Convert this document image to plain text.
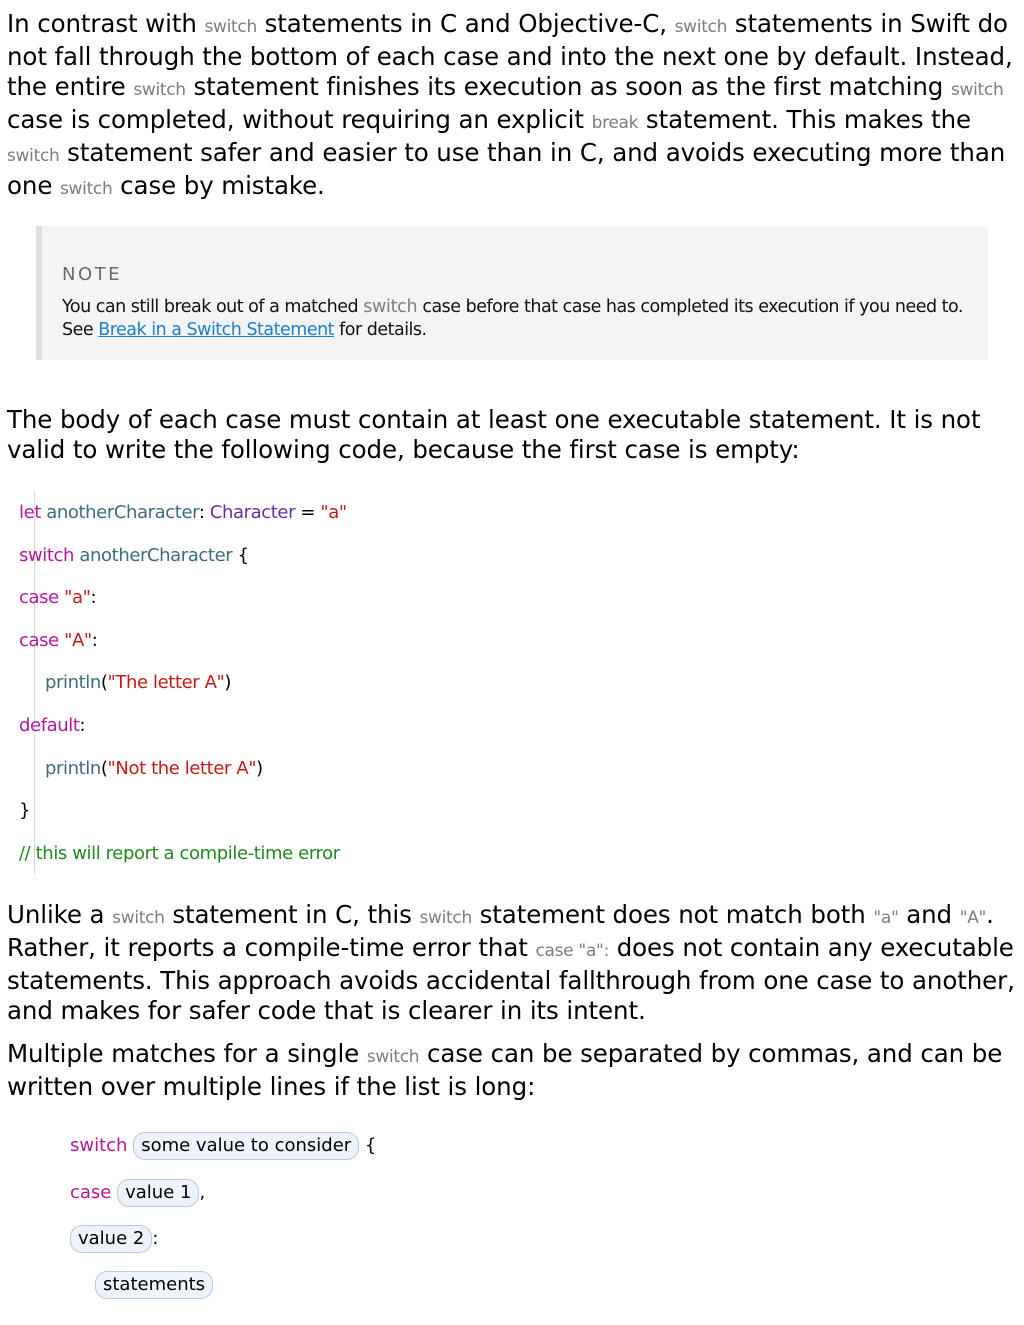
In contrast with switch statements in C and Objective-C, switch statements in Swift do not fall through the bottom of each case and into the next one by default. Instead, the entire switch statement finishes its execution as soon as the first matching switch case is completed, without requiring an explicit break statement. This makes the switch statement safer and easier to use than in C, and avoids executing more than one switch case by mistake.

NOTE
You can still break out of a matched switch case before that case has completed its execution if you need to. See Break in a Switch Statement for details.

The body of each case must contain at least one executable statement. It is not valid to write the following code, because the first case is empty:

let anotherCharacter: Character = "a"
switch anotherCharacter {
case "a":
case "A":
println("The letter A")
default:
println("Not the letter A")
}
// this will report a compile-time error

Unlike a switch statement in C, this switch statement does not match both "a" and "A". Rather, it reports a compile-time error that case "a": does not contain any executable statements. This approach avoids accidental fallthrough from one case to another, and makes for safer code that is clearer in its intent.

Multiple matches for a single switch case can be separated by commas, and can be written over multiple lines if the list is long:

switch some value to consider {
case value 1 ,
value 2 :
statements
